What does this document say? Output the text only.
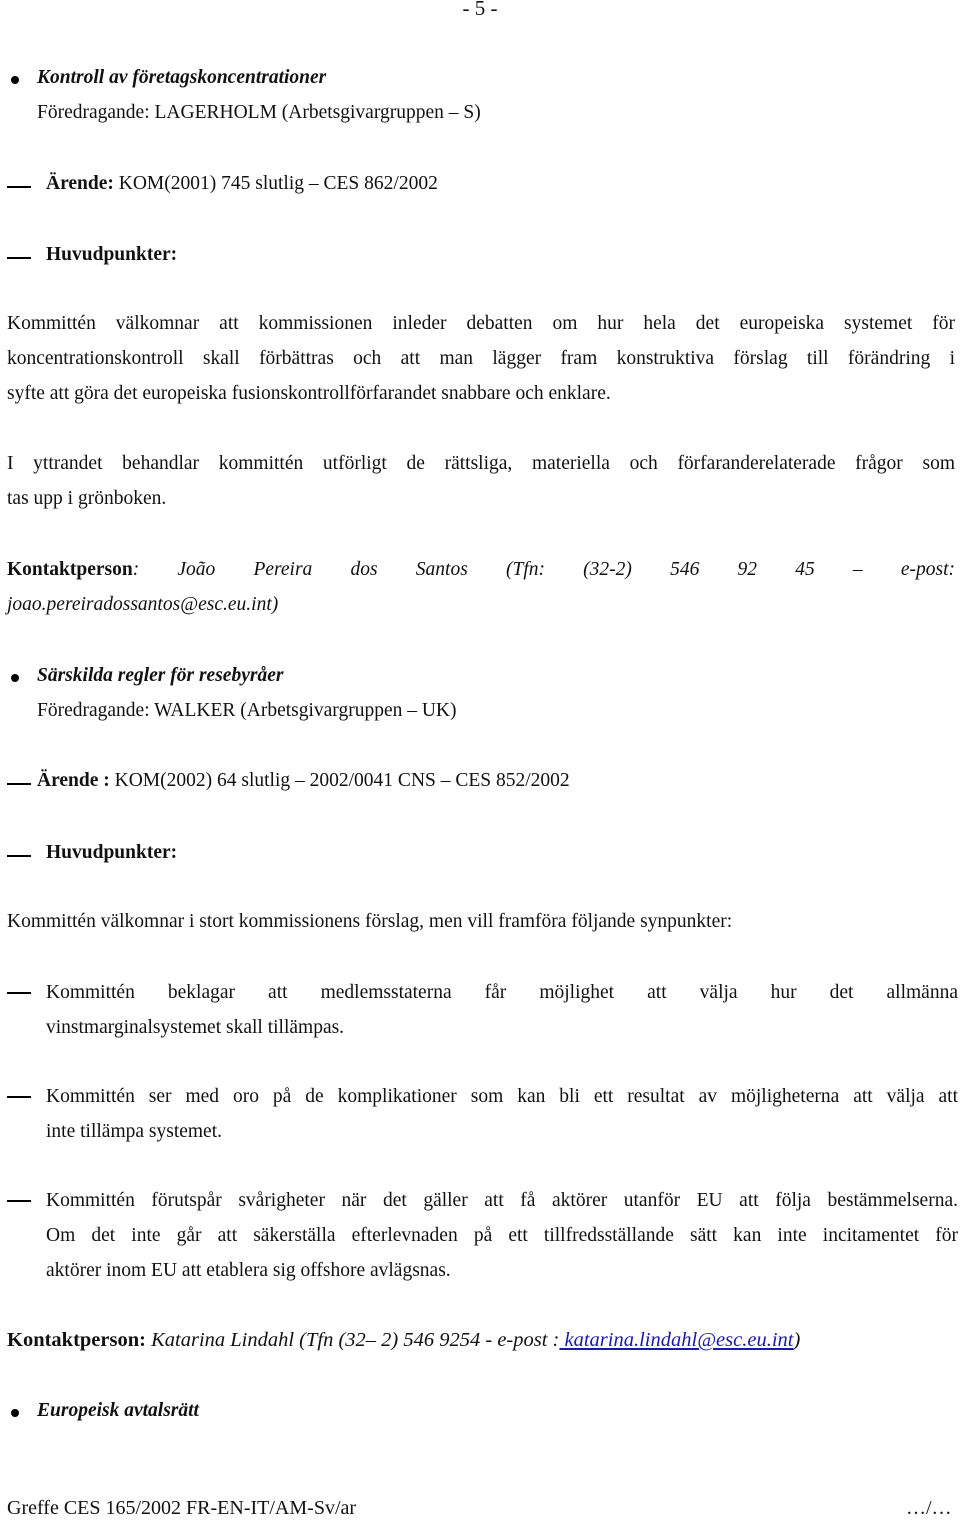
- 5 -
Kontroll av företagskoncentrationer
Föredragande: LAGERHOLM (Arbetsgivargruppen – S)
Ärende: KOM(2001) 745 slutlig – CES 862/2002
Huvudpunkter:
Kommittén välkomnar att kommissionen inleder debatten om hur hela det europeiska systemet för
koncentrationskontroll skall förbättras och att man lägger fram konstruktiva förslag till förändring i
syfte att göra det europeiska fusionskontrollförfarandet snabbare och enklare.
I yttrandet behandlar kommittén utförligt de rättsliga, materiella och förfaranderelaterade frågor som
tas upp i grönboken.
Kontaktperson: João Pereira dos Santos (Tfn: (32-2) 546 92 45 – e-post:
joao.pereiradossantos@esc.eu.int)
Särskilda regler för resebyråer
Föredragande: WALKER (Arbetsgivargruppen – UK)
Ärende : KOM(2002) 64 slutlig – 2002/0041 CNS – CES 852/2002
Huvudpunkter:
Kommittén välkomnar i stort kommissionens förslag, men vill framföra följande synpunkter:
Kommittén beklagar att medlemsstaterna får möjlighet att välja hur det allmänna
vinstmarginalsystemet skall tillämpas.
Kommittén ser med oro på de komplikationer som kan bli ett resultat av möjligheterna att välja att
inte tillämpa systemet.
Kommittén förutspår svårigheter när det gäller att få aktörer utanför EU att följa bestämmelserna.
Om det inte går att säkerställa efterlevnaden på ett tillfredsställande sätt kan inte incitamentet för
aktörer inom EU att etablera sig offshore avlägsnas.
Kontaktperson: Katarina Lindahl (Tfn (32– 2) 546 9254 - e-post : katarina.lindahl@esc.eu.int)
Europeisk avtalsrätt
Greffe CES 165/2002 FR-EN-IT/AM-Sv/ar	…/…
